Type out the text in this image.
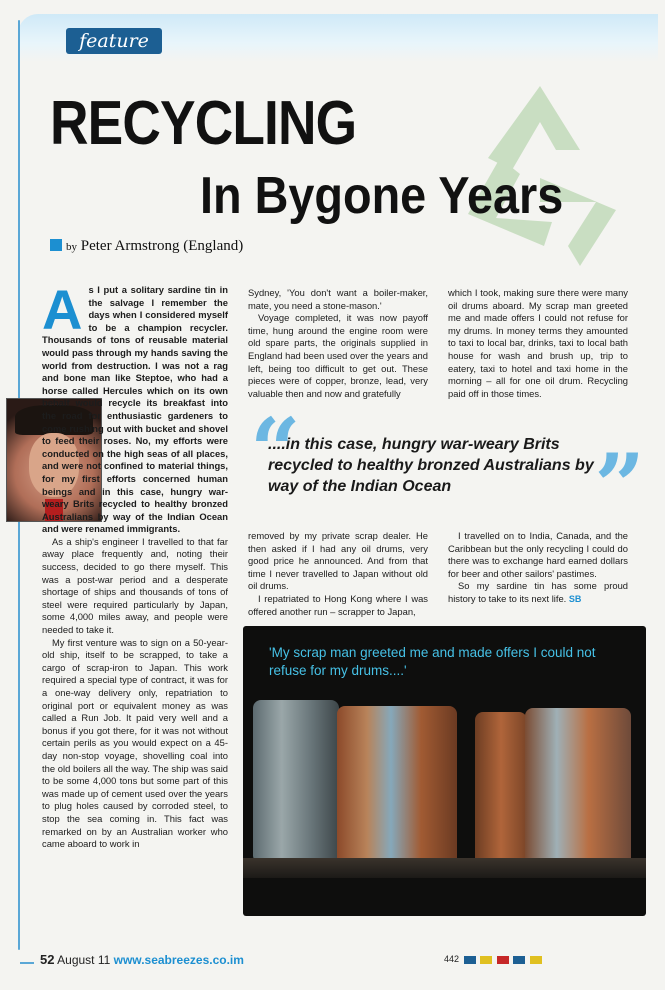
feature
RECYCLING
In Bygone Years
by Peter Armstrong (England)

As I put a solitary sardine tin in the salvage I remember the days when I considered myself to be a champion recycler. Thousands of tons of reusable material would pass through my hands saving the world from destruction. I was not a rag and bone man like Steptoe, who had a horse called Hercules which on its own behalf would recycle its breakfast into the road for enthusiastic gardeners to come rushing out with bucket and shovel to feed their roses. No, my efforts were conducted on the high seas of all places, and were not confined to material things, for my first efforts concerned human beings and in this case, hungry war-weary Brits recycled to healthy bronzed Australians by way of the Indian Ocean and were renamed immigrants.

As a ship's engineer I travelled to that far away place frequently and, noting their success, decided to go there myself. This was a post-war period and a desperate shortage of ships and thousands of tons of steel were required particularly by Japan, some 4,000 miles away, and people were needed to take it.

My first venture was to sign on a 50-year-old ship, itself to be scrapped, to take a cargo of scrap-iron to Japan. This work required a special type of contract, it was for a one-way delivery only, repatriation to original port or equivalent money as was called a Run Job. It paid very well and a bonus if you got there, for it was not without certain perils as you would expect on a 45-day non-stop voyage, shovelling coal into the old boilers all the way. The ship was said to be some 4,000 tons but some part of this was made up of cement used over the years to plug holes caused by corroded steel, to stop the sea coming in. This fact was remarked on by an Australian worker who came aboard to work in

Sydney, 'You don't want a boiler-maker, mate, you need a stone-mason.'

Voyage completed, it was now payoff time, hung around the engine room were old spare parts, the originals supplied in England had been used over the years and left, being too difficult to get out. These pieces were of copper, bronze, lead, very valuable then and now and gratefully

which I took, making sure there were many oil drums aboard. My scrap man greeted me and made offers I could not refuse for my drums. In money terms they amounted to taxi to local bar, drinks, taxi to local bath house for wash and brush up, trip to eatery, taxi to hotel and taxi home in the morning – all for one oil drum. Recycling paid off in those times.

“
....in this case, hungry war-weary Brits recycled to healthy bronzed Australians by way of the Indian Ocean	”

removed by my private scrap dealer. He then asked if I had any oil drums, very good price he announced. And from that time I never travelled to Japan without old oil drums.

I repatriated to Hong Kong where I was offered another run – scrapper to Japan,

I travelled on to India, Canada, and the Caribbean but the only recycling I could do there was to exchange hard earned dollars for beer and other sailors' pastimes.

So my sardine tin has some proud history to take to its next life. SB

'My scrap man greeted me and made offers I could not refuse for my drums....'
52 August 11 www.seabreezes.co.im	442
